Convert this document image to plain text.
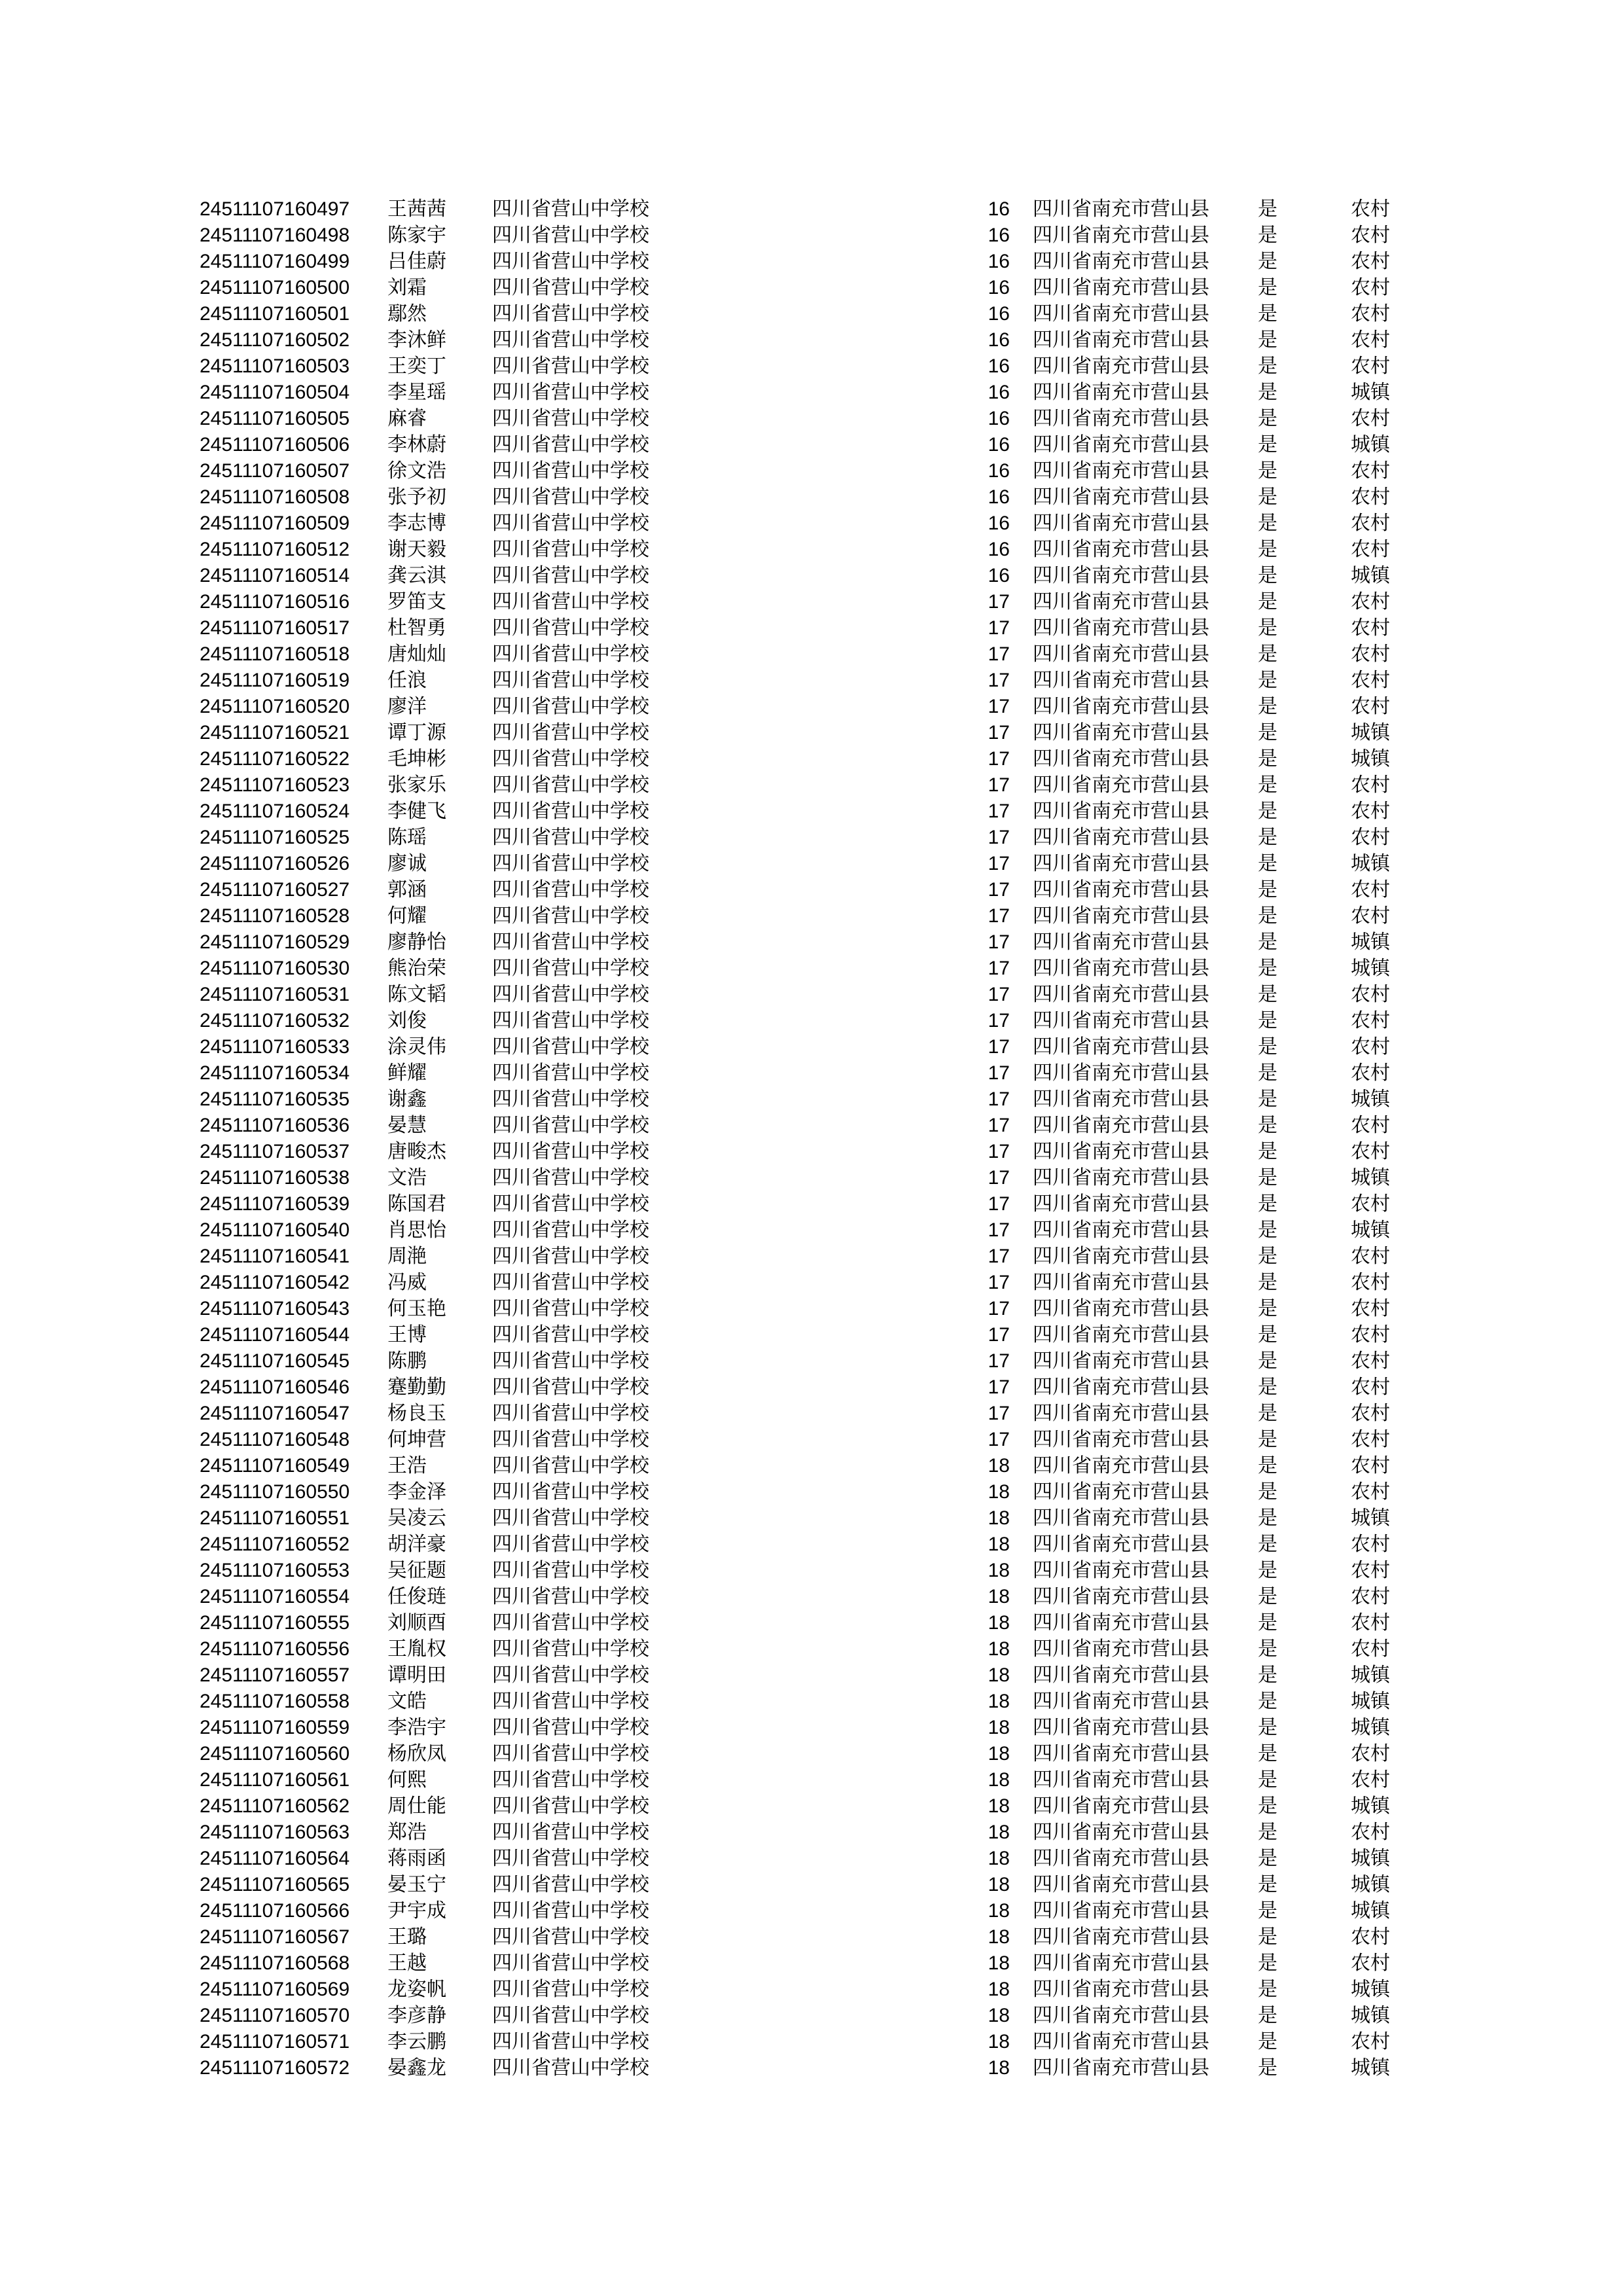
24511107160497 王茜茜 四川省营山中学校	16 四川省南充市营山县 是	农村
24511107160498 陈家宇 四川省营山中学校	16 四川省南充市营山县 是	农村
24511107160499 吕佳蔚 四川省营山中学校	16 四川省南充市营山县 是	农村
24511107160500 刘霜	四川省营山中学校	16 四川省南充市营山县 是	农村
24511107160501 鄢然	四川省营山中学校	16 四川省南充市营山县 是	农村
24511107160502 李沐鲜 四川省营山中学校	16 四川省南充市营山县 是	农村
24511107160503 王奕丁 四川省营山中学校	16 四川省南充市营山县 是	农村
24511107160504 李星瑶 四川省营山中学校	16 四川省南充市营山县 是	城镇
24511107160505 麻睿	四川省营山中学校	16 四川省南充市营山县 是	农村
24511107160506 李林蔚 四川省营山中学校	16 四川省南充市营山县 是	城镇
24511107160507 徐文浩 四川省营山中学校	16 四川省南充市营山县 是	农村
24511107160508 张予初 四川省营山中学校	16 四川省南充市营山县 是	农村
24511107160509 李志博 四川省营山中学校	16 四川省南充市营山县 是	农村
24511107160512 谢天毅 四川省营山中学校	16 四川省南充市营山县 是	农村
24511107160514 龚云淇 四川省营山中学校	16 四川省南充市营山县 是	城镇
24511107160516 罗笛支 四川省营山中学校	17 四川省南充市营山县 是	农村
24511107160517 杜智勇 四川省营山中学校	17 四川省南充市营山县 是	农村
24511107160518 唐灿灿 四川省营山中学校	17 四川省南充市营山县 是	农村
24511107160519 任浪	四川省营山中学校	17 四川省南充市营山县 是	农村
24511107160520 廖洋	四川省营山中学校	17 四川省南充市营山县 是	农村
24511107160521 谭丁源 四川省营山中学校	17 四川省南充市营山县 是	城镇
24511107160522 毛坤彬 四川省营山中学校	17 四川省南充市营山县 是	城镇
24511107160523 张家乐 四川省营山中学校	17 四川省南充市营山县 是	农村
24511107160524 李健飞 四川省营山中学校	17 四川省南充市营山县 是	农村
24511107160525 陈瑶	四川省营山中学校	17 四川省南充市营山县 是	农村
24511107160526 廖诚	四川省营山中学校	17 四川省南充市营山县 是	城镇
24511107160527 郭涵	四川省营山中学校	17 四川省南充市营山县 是	农村
24511107160528 何耀	四川省营山中学校	17 四川省南充市营山县 是	农村
24511107160529 廖静怡 四川省营山中学校	17 四川省南充市营山县 是	城镇
24511107160530 熊治荣 四川省营山中学校	17 四川省南充市营山县 是	城镇
24511107160531 陈文韬 四川省营山中学校	17 四川省南充市营山县 是	农村
24511107160532 刘俊	四川省营山中学校	17 四川省南充市营山县 是	农村
24511107160533 涂灵伟 四川省营山中学校	17 四川省南充市营山县 是	农村
24511107160534 鲜耀	四川省营山中学校	17 四川省南充市营山县 是	农村
24511107160535 谢鑫	四川省营山中学校	17 四川省南充市营山县 是	城镇
24511107160536 晏慧	四川省营山中学校	17 四川省南充市营山县 是	农村
24511107160537 唐畯杰 四川省营山中学校	17 四川省南充市营山县 是	农村
24511107160538 文浩	四川省营山中学校	17 四川省南充市营山县 是	城镇
24511107160539 陈国君 四川省营山中学校	17 四川省南充市营山县 是	农村
24511107160540 肖思怡 四川省营山中学校	17 四川省南充市营山县 是	城镇
24511107160541 周滟	四川省营山中学校	17 四川省南充市营山县 是	农村
24511107160542 冯威	四川省营山中学校	17 四川省南充市营山县 是	农村
24511107160543 何玉艳 四川省营山中学校	17 四川省南充市营山县 是	农村
24511107160544 王博	四川省营山中学校	17 四川省南充市营山县 是	农村
24511107160545 陈鹏	四川省营山中学校	17 四川省南充市营山县 是	农村
24511107160546 蹇勤勤 四川省营山中学校	17 四川省南充市营山县 是	农村
24511107160547 杨良玉 四川省营山中学校	17 四川省南充市营山县 是	农村
24511107160548 何坤营 四川省营山中学校	17 四川省南充市营山县 是	农村
24511107160549 王浩	四川省营山中学校	18 四川省南充市营山县 是	农村
24511107160550 李金泽 四川省营山中学校	18 四川省南充市营山县 是	农村
24511107160551 吴凌云 四川省营山中学校	18 四川省南充市营山县 是	城镇
24511107160552 胡洋豪 四川省营山中学校	18 四川省南充市营山县 是	农村
24511107160553 吴征题 四川省营山中学校	18 四川省南充市营山县 是	农村
24511107160554 任俊琏 四川省营山中学校	18 四川省南充市营山县 是	农村
24511107160555 刘顺酉 四川省营山中学校	18 四川省南充市营山县 是	农村
24511107160556 王胤权 四川省营山中学校	18 四川省南充市营山县 是	农村
24511107160557 谭明田 四川省营山中学校	18 四川省南充市营山县 是	城镇
24511107160558 文皓	四川省营山中学校	18 四川省南充市营山县 是	城镇
24511107160559 李浩宇 四川省营山中学校	18 四川省南充市营山县 是	城镇
24511107160560 杨欣凤 四川省营山中学校	18 四川省南充市营山县 是	农村
24511107160561 何熙	四川省营山中学校	18 四川省南充市营山县 是	农村
24511107160562 周仕能 四川省营山中学校	18 四川省南充市营山县 是	城镇
24511107160563 郑浩	四川省营山中学校	18 四川省南充市营山县 是	农村
24511107160564 蒋雨函 四川省营山中学校	18 四川省南充市营山县 是	城镇
24511107160565 晏玉宁 四川省营山中学校	18 四川省南充市营山县 是	城镇
24511107160566 尹宇成 四川省营山中学校	18 四川省南充市营山县 是	城镇
24511107160567 王璐	四川省营山中学校	18 四川省南充市营山县 是	农村
24511107160568 王越	四川省营山中学校	18 四川省南充市营山县 是	农村
24511107160569 龙姿帆 四川省营山中学校	18 四川省南充市营山县 是	城镇
24511107160570 李彦静 四川省营山中学校	18 四川省南充市营山县 是	城镇
24511107160571 李云鹏 四川省营山中学校	18 四川省南充市营山县 是	农村
24511107160572 晏鑫龙 四川省营山中学校	18 四川省南充市营山县 是	城镇
